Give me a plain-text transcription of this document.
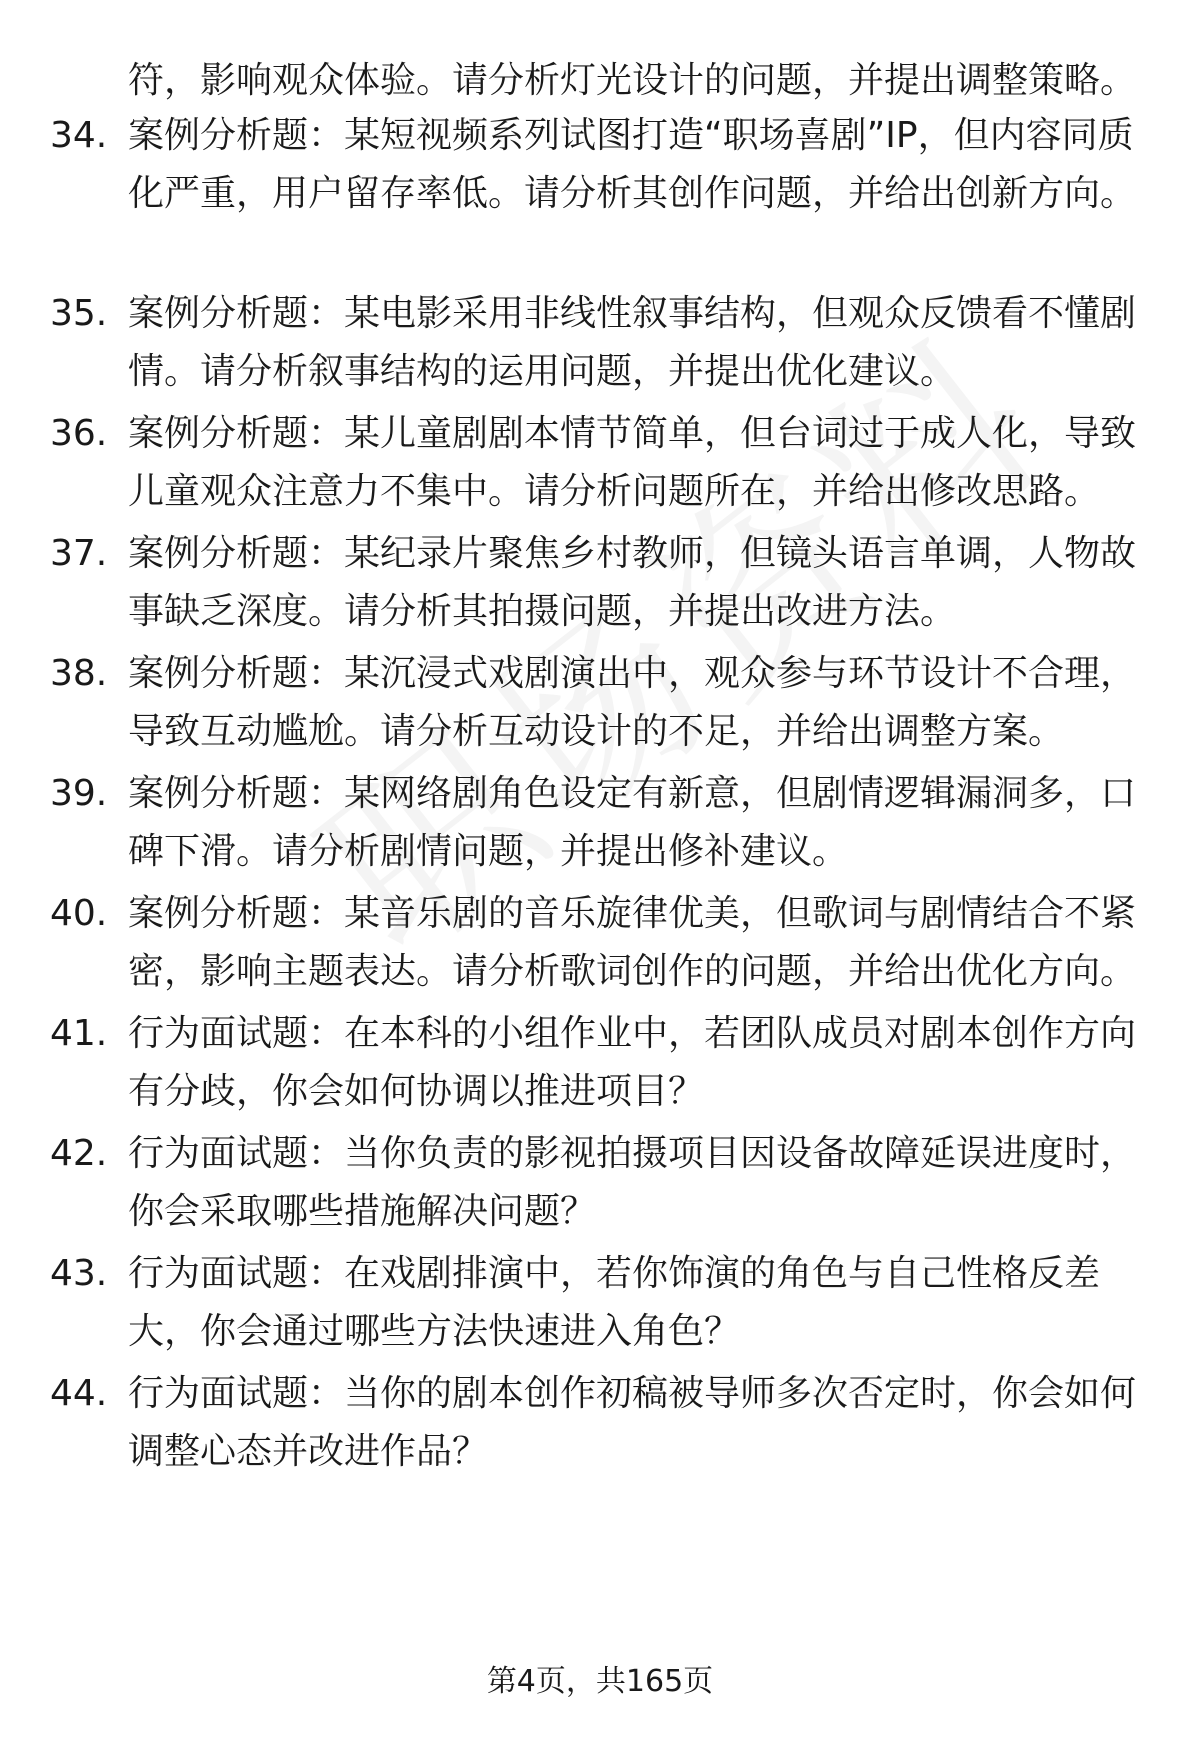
符，影响观众体验。请分析灯光设计的问题，并提出调整策略。

34. 案例分析题：某短视频系列试图打造“职场喜剧”IP，但内容同质化严重，用户留存率低。请分析其创作问题，并给出创新方向。

35. 案例分析题：某电影采用非线性叙事结构，但观众反馈看不懂剧情。请分析叙事结构的运用问题，并提出优化建议。

36. 案例分析题：某儿童剧剧本情节简单，但台词过于成人化，导致儿童观众注意力不集中。请分析问题所在，并给出修改思路。

37. 案例分析题：某纪录片聚焦乡村教师，但镜头语言单调，人物故事缺乏深度。请分析其拍摄问题，并提出改进方法。

38. 案例分析题：某沉浸式戏剧演出中，观众参与环节设计不合理，导致互动尴尬。请分析互动设计的不足，并给出调整方案。

39. 案例分析题：某网络剧角色设定有新意，但剧情逻辑漏洞多，口碑下滑。请分析剧情问题，并提出修补建议。

40. 案例分析题：某音乐剧的音乐旋律优美，但歌词与剧情结合不紧密，影响主题表达。请分析歌词创作的问题，并给出优化方向。

41. 行为面试题：在本科的小组作业中，若团队成员对剧本创作方向有分歧，你会如何协调以推进项目？

42. 行为面试题：当你负责的影视拍摄项目因设备故障延误进度时，你会采取哪些措施解决问题？

43. 行为面试题：在戏剧排演中，若你饰演的角色与自己性格反差大，你会通过哪些方法快速进入角色？

44. 行为面试题：当你的剧本创作初稿被导师多次否定时，你会如何调整心态并改进作品？

第4页，共165页
